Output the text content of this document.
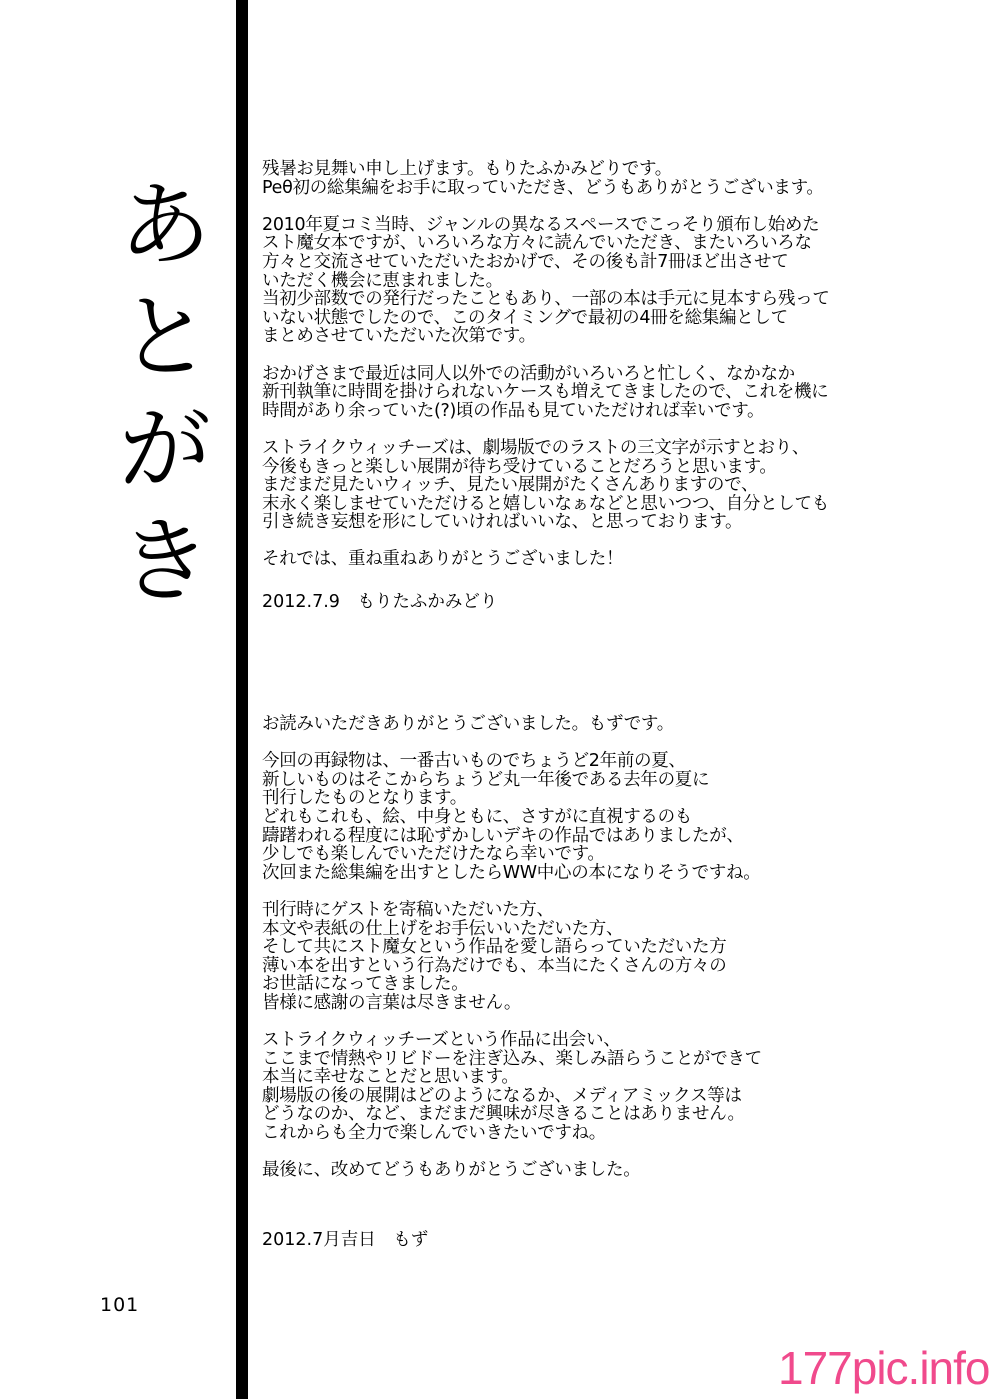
あ
と
が
き
残暑お見舞い申し上げます。もりたふかみどりです。
Peθ初の総集編をお手に取っていただき、どうもありがとうございます。
2010年夏コミ当時、ジャンルの異なるスペースでこっそり頒布し始めた
スト魔女本ですが、いろいろな方々に読んでいただき、またいろいろな
方々と交流させていただいたおかげで、その後も計7冊ほど出させて
いただく機会に恵まれました。
当初少部数での発行だったこともあり、一部の本は手元に見本すら残って
いない状態でしたので、このタイミングで最初の4冊を総集編として
まとめさせていただいた次第です。
おかげさまで最近は同人以外での活動がいろいろと忙しく、なかなか
新刊執筆に時間を掛けられないケースも増えてきましたので、これを機に
時間があり余っていた(?)頃の作品も見ていただければ幸いです。
ストライクウィッチーズは、劇場版でのラストの三文字が示すとおり、
今後もきっと楽しい展開が待ち受けていることだろうと思います。
まだまだ見たいウィッチ、見たい展開がたくさんありますので、
末永く楽しませていただけると嬉しいなぁなどと思いつつ、自分としても
引き続き妄想を形にしていければいいな、と思っております。
それでは、重ね重ねありがとうございました！
2012.7.9　もりたふかみどり
お読みいただきありがとうございました。もずです。
今回の再録物は、一番古いものでちょうど2年前の夏、
新しいものはそこからちょうど丸一年後である去年の夏に
刊行したものとなります。
どれもこれも、絵、中身ともに、さすがに直視するのも
躊躇われる程度には恥ずかしいデキの作品ではありましたが、
少しでも楽しんでいただけたなら幸いです。
次回また総集編を出すとしたらWW中心の本になりそうですね。
刊行時にゲストを寄稿いただいた方、
本文や表紙の仕上げをお手伝いいただいた方、
そして共にスト魔女という作品を愛し語らっていただいた方
薄い本を出すという行為だけでも、本当にたくさんの方々の
お世話になってきました。
皆様に感謝の言葉は尽きません。
ストライクウィッチーズという作品に出会い、
ここまで情熱やリビドーを注ぎ込み、楽しみ語らうことができて
本当に幸せなことだと思います。
劇場版の後の展開はどのようになるか、メディアミックス等は
どうなのか、など、まだまだ興味が尽きることはありません。
これからも全力で楽しんでいきたいですね。
最後に、改めてどうもありがとうございました。
2012.7月吉日　もず
101
177pic.info
